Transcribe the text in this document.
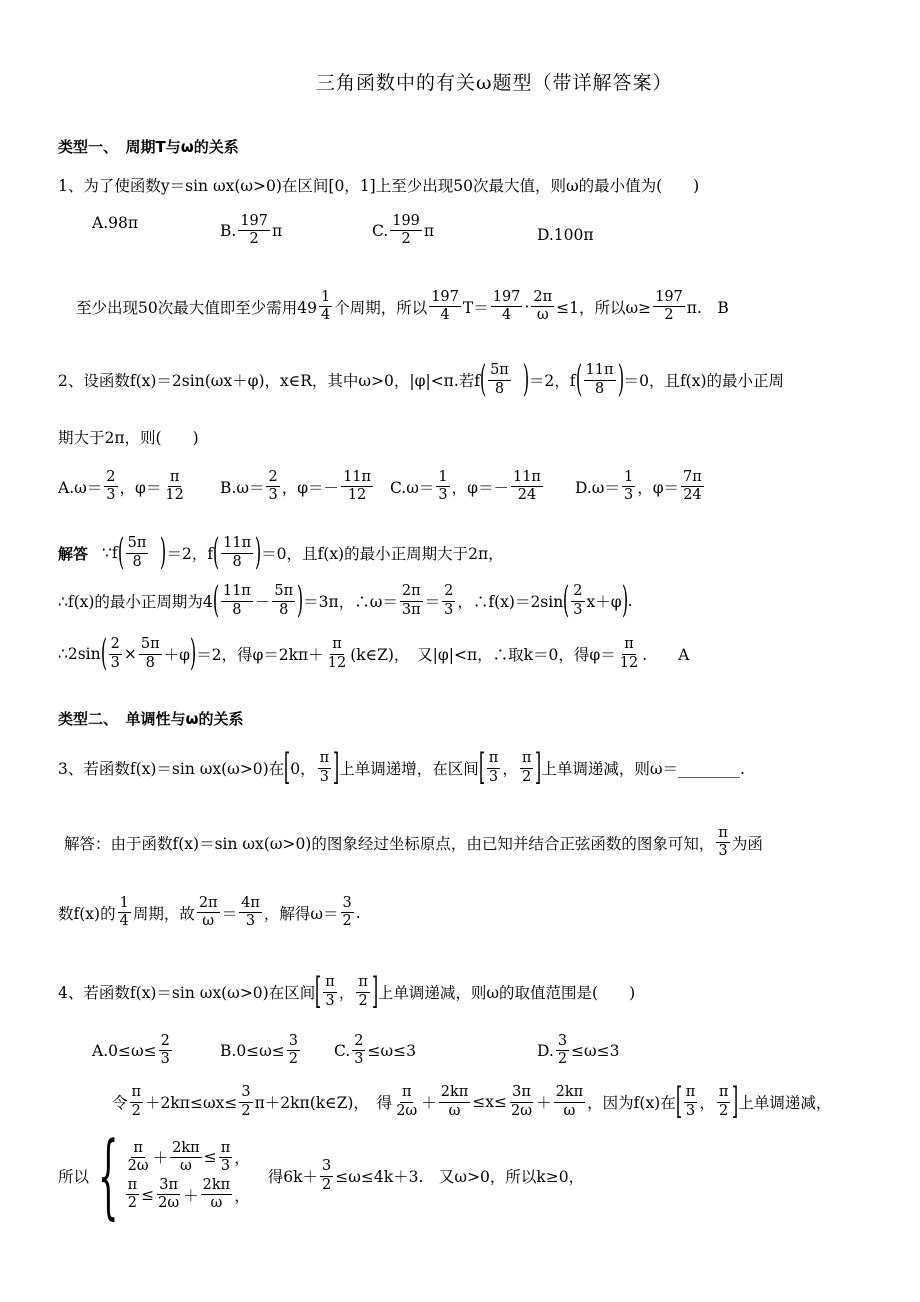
三角函数中的有关ω题型（带详解答案）
类型一、　周期T与ω的关系
1、为了使函数y＝sin ωx(ω>0)在区间[0，1]上至少出现50次最大值，则ω的最小值为(　　)
A.98π	B. $\frac{197}{2}$ π	C. $\frac{199}{2}$ π	D.100π
至少出现50次最大值即至少需用$49 \frac{1}{4}$ 个周期，所以 $\frac{197}{4} T= \frac{197}{4} \cdot \frac{2\pi}{\omega} \le 1$，所以$\omega\ge \frac{197}{2} \pi$.　B
2、设函数f(x)＝2sin(ωx＋φ)，x∈R，其中ω>0，|φ|<π.若f ( $\frac{5\pi}{8}$ ) ＝2，f ( $\frac{11\pi}{8}$ ) ＝0，且f(x)的最小正周
期大于2π，则(　　)
$A.\omega= \frac{2}{3}$ ，$\varphi= \frac{\pi}{12} B.\omega= \frac{2}{3}$ ，$\varphi=- \frac{11\pi}{12} C.\omega= \frac{1}{3}$ ，$\varphi=- \frac{11\pi}{24} D.\omega= \frac{1}{3}$ ，$\varphi= \frac{7\pi}{24}$
解答 ∵f ( $\frac{5\pi}{8}$ ) ＝2，f ( $\frac{11\pi}{8}$ ) ＝0，且f(x)的最小正周期大于2π，
∴f(x)的最小正周期为4 ( $\frac{11\pi}{8} - \frac{5\pi}{8}$ ) ＝3π，∴ω＝ $\frac{2\pi}{3\pi} = \frac{2}{3}$ ，∴f(x)＝2sin ( $\frac{2}{3} x+\varphi$ ) .
∴2sin ( $\frac{2}{3} \times \frac{5\pi}{8} +\varphi$ ) ＝2，得$\varphi=2k\pi+ \frac{\pi}{12}$ (k∈Z)，　又|φ|<π，∴取k＝0，得$\varphi= \frac{\pi}{12}$ .　　A
类型二、　单调性与ω的关系
3、若函数f(x)＝sin ωx(ω>0)在 [ 0， $\frac{\pi}{3}$ ] 上单调递增，在区间 [ $\frac{\pi}{3}$ ， $\frac{\pi}{2}$ ] 上单调递减，则ω＝________.
解答：由于函数f(x)＝sin ωx(ω>0)的图象经过坐标原点，由已知并结合正弦函数的图象可知， $\frac{\pi}{3}$ 为函
数f(x)的 $\frac{1}{4}$ 周期，故 $\frac{2\pi}{\omega} = \frac{4\pi}{3}$ ，解得$\omega= \frac{3}{2}$ .
4、若函数f(x)＝sin ωx(ω>0)在区间 [ $\frac{\pi}{3}$ ， $\frac{\pi}{2}$ ] 上单调递减，则ω的取值范围是(　　)
$A.0\le\omega\le \frac{2}{3}$	$B.0\le\omega\le \frac{3}{2} C$. $\frac{2}{3} \le\omega\le 3$	D. $\frac{3}{2} \le\omega\le 3$
令 $\frac{\pi}{2} +2k\pi\le\omega x\le \frac{3}{2}$ π＋2kπ(k∈Z)，　得 $\frac{\pi}{2\omega} + \frac{2k\pi}{\omega} \le x\le \frac{3\pi}{2\omega} + \frac{2k\pi}{\omega}$ ，因为f(x)在 [ $\frac{\pi}{3}$ ， $\frac{\pi}{2}$ ] 上单调递减，
所以 { $\frac{\pi}{2\omega} + \frac{2k\pi}{\omega} \le \frac{\pi}{3}$ ，
$\frac{\pi}{2} \le \frac{3\pi}{2\omega} + \frac{2k\pi}{\omega}$ ，
得$6k+ \frac{3}{2} \le\omega\le 4k+3$.　又ω>0，所以k≥0，
